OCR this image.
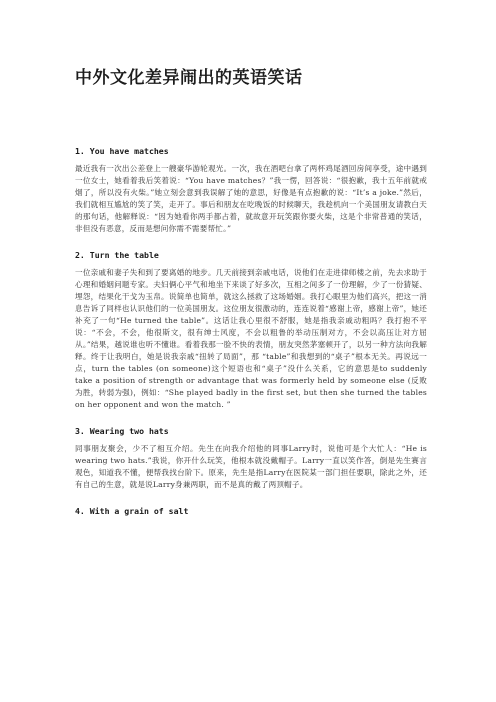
中外文化差异闹出的英语笑话
1. You have matches

最近我有一次出公差登上一艘豪华游轮观光。一次，我在酒吧台拿了两杯鸡尾酒回房间享受，途中遇到一位女士，她看着我后笑着说：“You have matches？”我一愣，回答说：“很抱歉，我十五年前就戒烟了，所以没有火柴。”她立刻会意到我误解了她的意思，好像是有点抱歉的说：“It’s a joke.”然后，我们就相互尴尬的笑了笑，走开了。事后和朋友在吃晚饭的时候聊天，我趁机向一个美国朋友请教白天的那句话，他解释说：“因为她看你两手都占着，就故意开玩笑跟你要火柴，这是个非常普通的笑话，非但没有恶意，反而是想问你需不需要帮忙。”

2. Turn the table

一位亲戚和妻子失和到了要离婚的地步。几天前接到亲戚电话，说他们在走进律师楼之前，先去求助于心理和婚姻问题专家。夫妇俩心平气和地坐下来谈了好多次，互相之间多了一份理解，少了一份猜疑、埋怨，结果化干戈为玉帛。说简单也简单，就这么拯救了这场婚姻。我打心眼里为他们高兴，把这一消息告诉了同样也认识他们的一位美国朋友。这位朋友很激动的，连连说着“感谢上帝，感谢上帝”，她还补充了一句“He turned the table”。这话让我心里很不舒服，她是指我亲戚动粗吗？我打抱不平说：“不会，不会，他很斯文，很有绅士风度，不会以粗鲁的举动压制对方，不会以高压让对方屈从。”结果，越说谁也听不懂谁。看着我那一脸不快的表情，朋友突然茅塞顿开了，以另一种方法向我解释。终于让我明白，她是说我亲戚“扭转了局面”，那 “table”和我想到的“桌子”根本无关。再说远一点，turn the tables (on someone)这个短语也和“桌子”没什么关系，它的意思是to suddenly take a position of strength or advantage that was formerly held by someone else (反败为胜，转弱为强)，例如：“She played badly in the first set, but then she turned the tables on her opponent and won the match. ”

3. Wearing two hats

同事朋友聚会，少不了相互介绍。先生在向我介绍他的同事Larry时，说他可是个大忙人：“He is wearing two hats.”我说，你开什么玩笑，他根本就没戴帽子。Larry一直以笑作答，倒是先生赛言观色，知道我不懂，便帮我找台阶下。原来，先生是指Larry在医院某一部门担任要职，除此之外，还有自己的生意，就是说Larry身兼两职，而不是真的戴了两顶帽子。

4. With a grain of salt
